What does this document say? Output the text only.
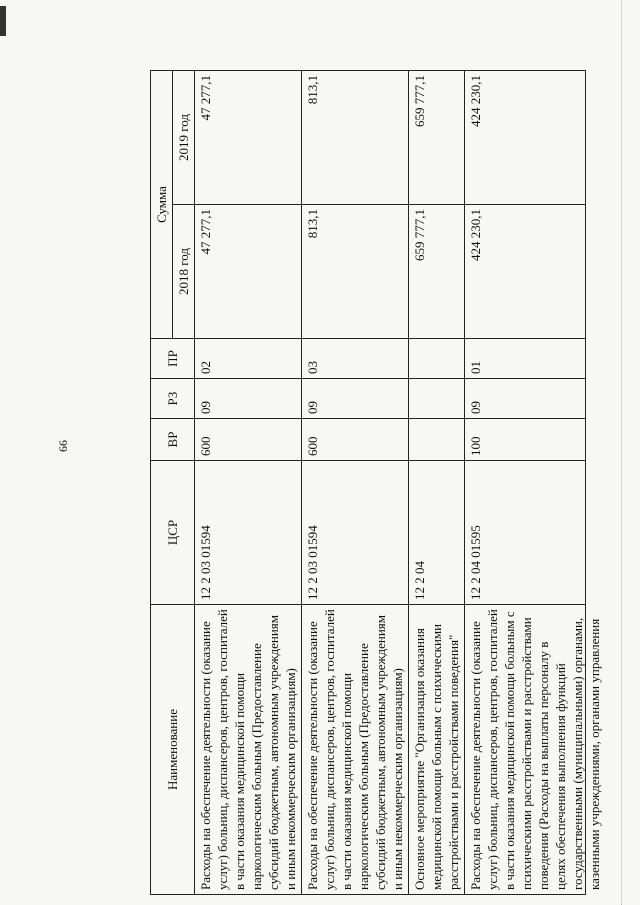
66
Наименование	ЦСР	ВР	РЗ	ПР	Сумма	
					2018 год	2019 год
Расходы на обеспечение деятельности (оказание услуг) больниц, диспансеров, центров, госпиталей в части оказания медицинской помощи наркологическим больным (Предоставление субсидий бюджетным, автономным учреждениям и иным некоммерческим организациям)	12 2 03 01594	600	09	02	47 277,1	47 277,1
Расходы на обеспечение деятельности (оказание услуг) больниц, диспансеров, центров, госпиталей в части оказания медицинской помощи наркологическим больным (Предоставление субсидий бюджетным, автономным учреждениям и иным некоммерческим организациям)	12 2 03 01594	600	09	03	813,1	813,1
Основное мероприятие "Организация оказания медицинской помощи больным с психическими расстройствами и расстройствами поведения"	12 2 04				659 777,1	659 777,1

Расходы на обеспечение деятельности (оказание услуг) больниц, диспансеров, центров, госпиталей в части оказания медицинской помощи больным с психическими расстройствами и расстройствами поведения (Расходы на выплаты персоналу в целях обеспечения выполнения функций государственными (муниципальными) органами, казенными учреждениями, органами управления	12 2 04 01595	100	09	01	424 230,1	424 230,1
